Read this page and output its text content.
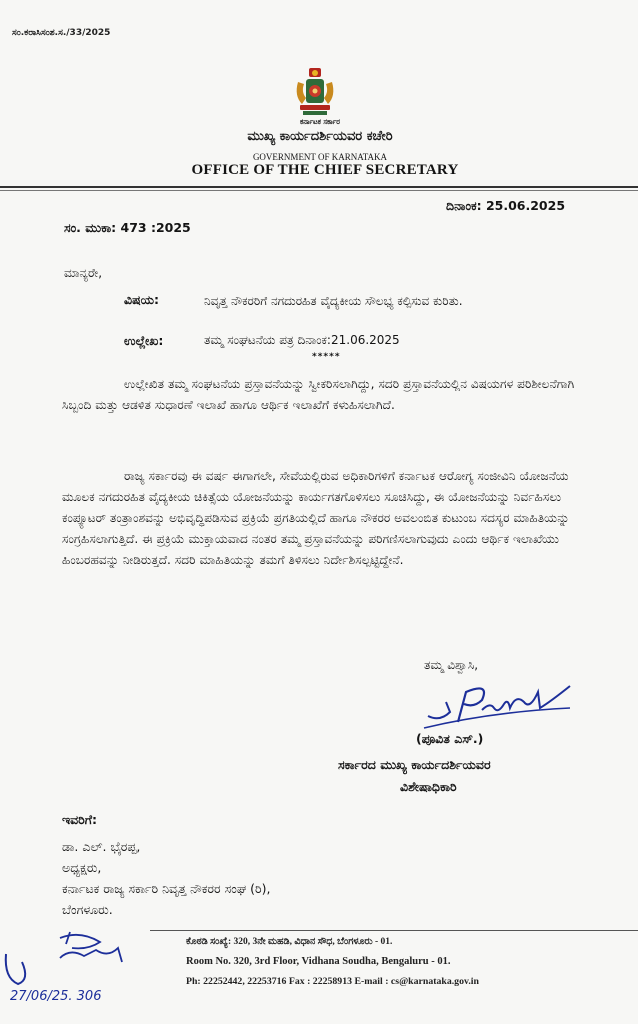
ಸಂ.ಕರಾಸಿಸಂಶ.ಸ./33/2025
ಕರ್ನಾಟಕ ಸರ್ಕಾರ
ಮುಖ್ಯ ಕಾರ್ಯದರ್ಶಿಯವರ ಕಚೇರಿ
GOVERNMENT OF KARNATAKA
OFFICE OF THE CHIEF SECRETARY
ದಿನಾಂಕ: 25.06.2025
ಸಂ. ಮುಕಾ: 473 :2025
ಮಾನ್ಯರೇ,
ವಿಷಯ:	ನಿವೃತ್ತ ನೌಕರರಿಗೆ ನಗದುರಹಿತ ವೈದ್ಯಕೀಯ ಸೌಲಭ್ಯ ಕಲ್ಪಿಸುವ ಕುರಿತು.
ಉಲ್ಲೇಖ:	ತಮ್ಮ ಸಂಘಟನೆಯ ಪತ್ರ ದಿನಾಂಕ:21.06.2025
*****
ಉಲ್ಲೇಖಿತ ತಮ್ಮ ಸಂಘಟನೆಯ ಪ್ರಸ್ತಾವನೆಯನ್ನು ಸ್ವೀಕರಿಸಲಾಗಿದ್ದು, ಸದರಿ ಪ್ರಸ್ತಾವನೆಯಲ್ಲಿನ ವಿಷಯಗಳ ಪರಿಶೀಲನೆಗಾಗಿ ಸಿಬ್ಬಂದಿ ಮತ್ತು ಆಡಳಿತ ಸುಧಾರಣೆ ಇಲಾಖೆ ಹಾಗೂ ಆರ್ಥಿಕ ಇಲಾಖೆಗೆ ಕಳುಹಿಸಲಾಗಿದೆ.
ರಾಜ್ಯ ಸರ್ಕಾರವು ಈ ವರ್ಷ ಈಗಾಗಲೇ, ಸೇವೆಯಲ್ಲಿರುವ ಅಧಿಕಾರಿಗಳಿಗೆ ಕರ್ನಾಟಕ ಆರೋಗ್ಯ ಸಂಜೀವಿನಿ ಯೋಜನೆಯ ಮೂಲಕ ನಗದುರಹಿತ ವೈದ್ಯಕೀಯ ಚಿಕಿತ್ಸೆಯ ಯೋಜನೆಯನ್ನು ಕಾರ್ಯಗತಗೊಳಿಸಲು ಸೂಚಿಸಿದ್ದು, ಈ ಯೋಜನೆಯನ್ನು ನಿರ್ವಹಿಸಲು ಕಂಪ್ಯೂಟರ್ ತಂತ್ರಾಂಶವನ್ನು ಅಭಿವೃದ್ಧಿಪಡಿಸುವ ಪ್ರಕ್ರಿಯೆ ಪ್ರಗತಿಯಲ್ಲಿದೆ ಹಾಗೂ ನೌಕರರ ಅವಲಂಬಿತ ಕುಟುಂಬ ಸದಸ್ಯರ ಮಾಹಿತಿಯನ್ನು ಸಂಗ್ರಹಿಸಲಾಗುತ್ತಿದೆ. ಈ ಪ್ರಕ್ರಿಯೆ ಮುಕ್ತಾಯವಾದ ನಂತರ ತಮ್ಮ ಪ್ರಸ್ತಾವನೆಯನ್ನು ಪರಿಗಣಿಸಲಾಗುವುದು ಎಂದು ಆರ್ಥಿಕ ಇಲಾಖೆಯು ಹಿಂಬರಹವನ್ನು ನೀಡಿರುತ್ತದೆ. ಸದರಿ ಮಾಹಿತಿಯನ್ನು ತಮಗೆ ತಿಳಿಸಲು ನಿರ್ದೇಶಿಸಲ್ಪಟ್ಟಿದ್ದೇನೆ.
ತಮ್ಮ ವಿಶ್ವಾಸಿ,
(ಪೂವಿತ ಎಸ್.)
ಸರ್ಕಾರದ ಮುಖ್ಯ ಕಾರ್ಯದರ್ಶಿಯವರ
ವಿಶೇಷಾಧಿಕಾರಿ
ಇವರಿಗೆ:
ಡಾ. ಎಲ್. ಭೈರಪ್ಪ,
ಅಧ್ಯಕ್ಷರು,
ಕರ್ನಾಟಕ ರಾಜ್ಯ ಸರ್ಕಾರಿ ನಿವೃತ್ತ ನೌಕರರ ಸಂಘ (ರಿ),
ಬೆಂಗಳೂರು.
ಕೊಠಡಿ ಸಂಖ್ಯೆ: 320, 3ನೇ ಮಹಡಿ, ವಿಧಾನ ಸೌಧ, ಬೆಂಗಳೂರು - 01.
Room No. 320, 3rd Floor, Vidhana Soudha, Bengaluru - 01.
Ph: 22252442, 22253716 Fax : 22258913 E-mail : cs@karnataka.gov.in
27/06/25. 306
